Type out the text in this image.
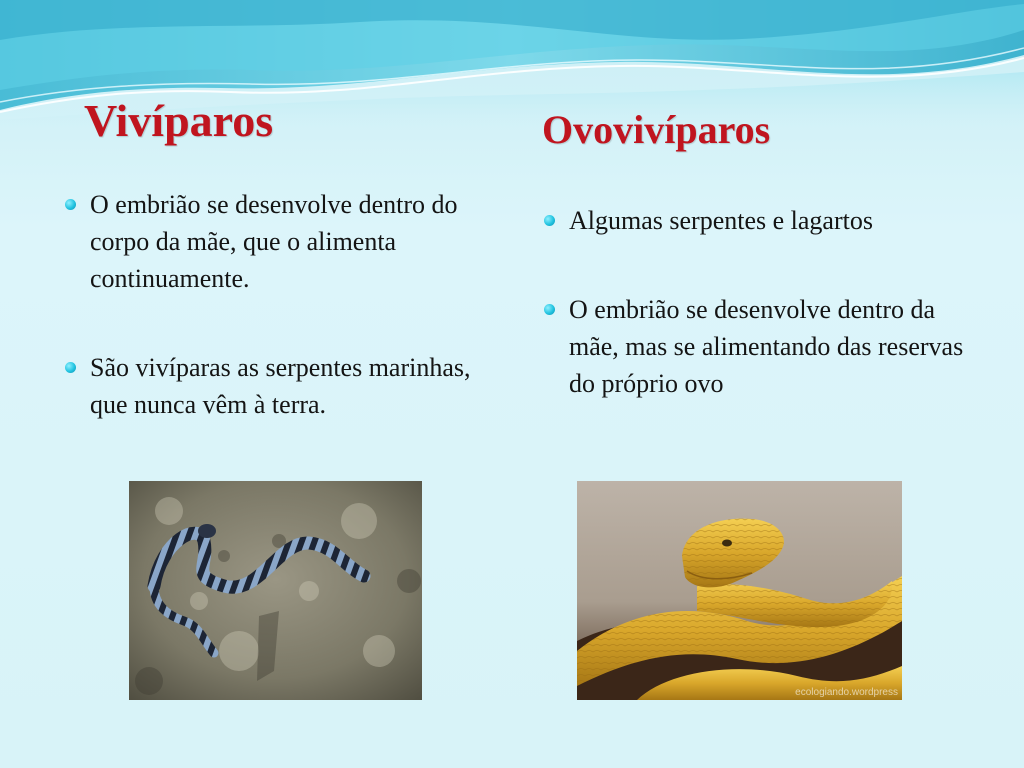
Vivíparos	Ovovivíparos
O embrião se desenvolve dentro do corpo da mãe, que o alimenta continuamente.
São vivíparas as serpentes marinhas, que nunca vêm à terra.
Algumas serpentes e lagartos
O embrião se desenvolve dentro da mãe, mas se alimentando das reservas do próprio ovo
ecologiando.wordpress
